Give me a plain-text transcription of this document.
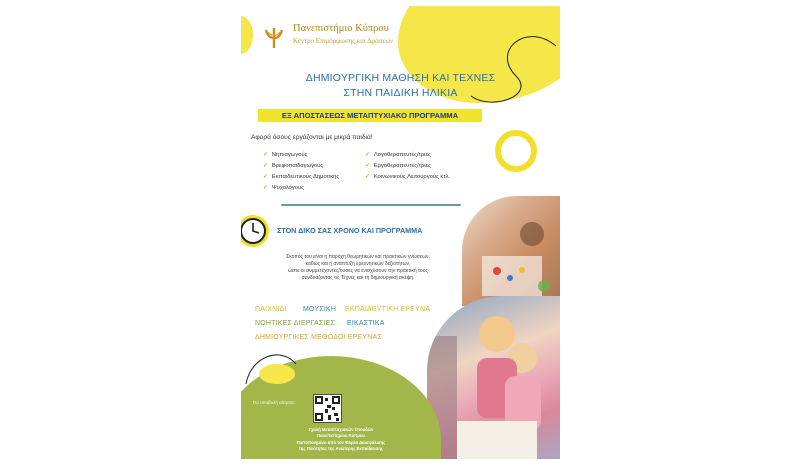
Πανεπιστήμιο Κύπρου
Κέντρο Επιμόρφωσης και Δράσεων
ΔΗΜΙΟΥΡΓΙΚΗ ΜΑΘΗΣΗ ΚΑΙ ΤΕΧΝΕΣ
ΣΤΗΝ ΠΑΙΔΙΚΗ ΗΛΙΚΙΑ
ΕΞ ΑΠΟΣΤΑΣΕΩΣ ΜΕΤΑΠΤΥΧΙΑΚΟ ΠΡΟΓΡΑΜΜΑ
Αφορά όσους εργάζονται με μικρά παιδιά!
✓ Νηπιαγωγούς
✓ Βρεφοπαιδαγωγούς
✓ Εκπαιδευτικούς Δημοτικής
✓ Ψυχολόγους
✓ Λογοθεραπευτές/τριες
✓ Εργοθεραπευτές/τριες
✓ Κοινωνικούς Λειτουργούς κτλ.
ΣΤΟΝ ΔΙΚΟ ΣΑΣ ΧΡΟΝΟ ΚΑΙ ΠΡΟΓΡΑΜΜΑ
Σκοπός του είναι η παροχή θεωρητικών και πρακτικών γνώσεων,
καθώς και η ανάπτυξη ερευνητικών δεξιοτήτων,
ώστε οι συμμετέχοντες/ουσες να ενισχύσουν την πρακτική τους
συνδυάζοντας τις Τέχνες και τη δημιουργική σκέψη.
ΠΑΙΧΝΙΔΙ ΜΟΥΣΙΚΗ ΕΚΠΑΙΔΕΥΤΙΚΗ ΕΡΕΥΝΑ
ΝΟΗΤΙΚΕΣ ΔΙΕΡΓΑΣΙΕΣ ΕΙΚΑΣΤΙΚΑ
ΔΗΜΙΟΥΡΓΙΚΕΣ ΜΕΘΟΔΟΙ ΕΡΕΥΝΑΣ
Για υποβολή αίτησης:
Σχολή Μεταπτυχιακών Σπουδών
Πανεπιστημίου Κύπρου
Πιστοποιημένο από τον Φορέα Διασφάλισης
της Ποιότητας της Ανώτερης Εκπαίδευσης
